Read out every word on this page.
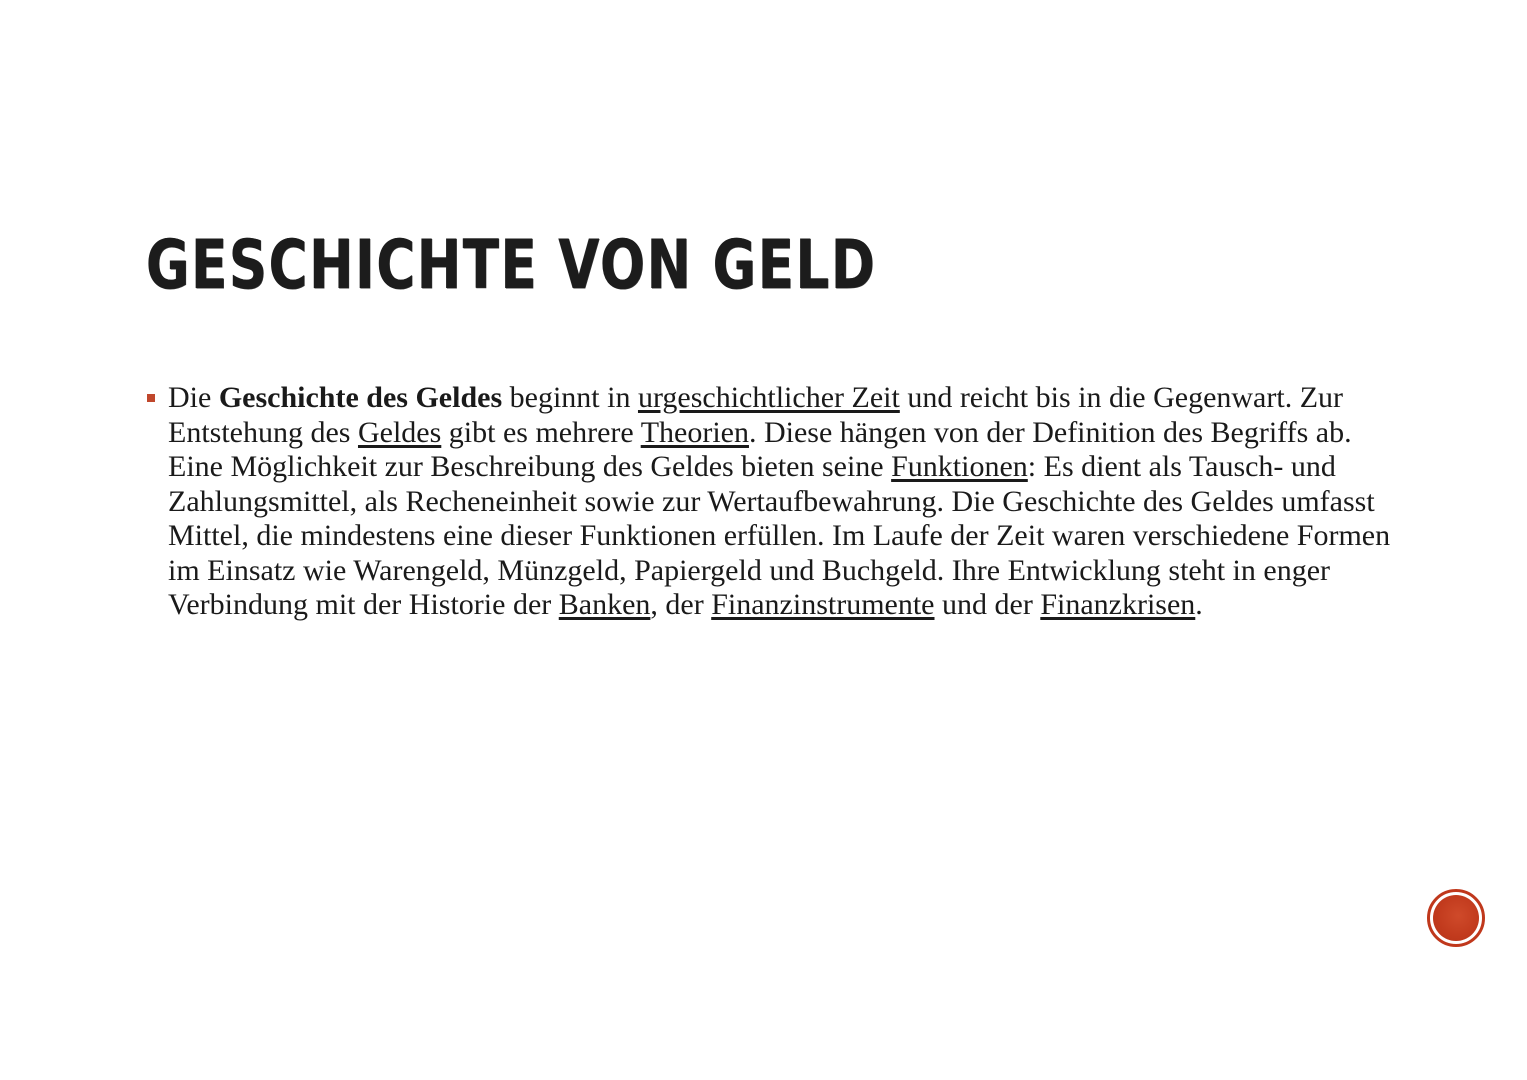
GESCHICHTE VON GELD
Die Geschichte des Geldes beginnt in urgeschichtlicher Zeit und reicht bis in die Gegenwart. Zur Entstehung des Geldes gibt es mehrere Theorien. Diese hängen von der Definition des Begriffs ab. Eine Möglichkeit zur Beschreibung des Geldes bieten seine Funktionen: Es dient als Tausch- und Zahlungsmittel, als Recheneinheit sowie zur Wertaufbewahrung. Die Geschichte des Geldes umfasst Mittel, die mindestens eine dieser Funktionen erfüllen. Im Laufe der Zeit waren verschiedene Formen im Einsatz wie Warengeld, Münzgeld, Papiergeld und Buchgeld. Ihre Entwicklung steht in enger Verbindung mit der Historie der Banken, der Finanzinstrumente und der Finanzkrisen.
